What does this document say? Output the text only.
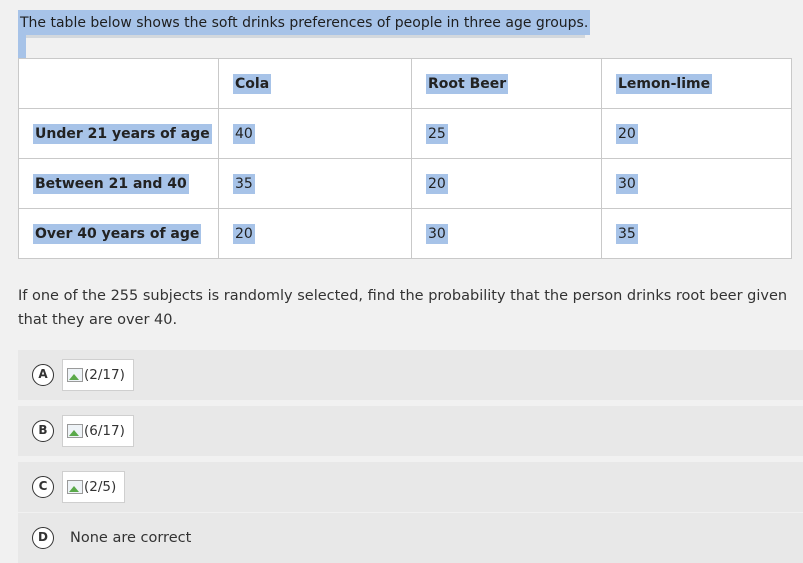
The table below shows the soft drinks preferences of people in three age groups.
	Cola	Root Beer	Lemon-lime
Under 21 years of age	40	25	20
Between 21 and 40	35	20	30
Over 40 years of age	20	30	35
If one of the 255 subjects is randomly selected, find the probability that the person drinks root beer given that they are over 40.
A	(2/17)
B	(6/17)
C	(2/5)
D	None are correct
